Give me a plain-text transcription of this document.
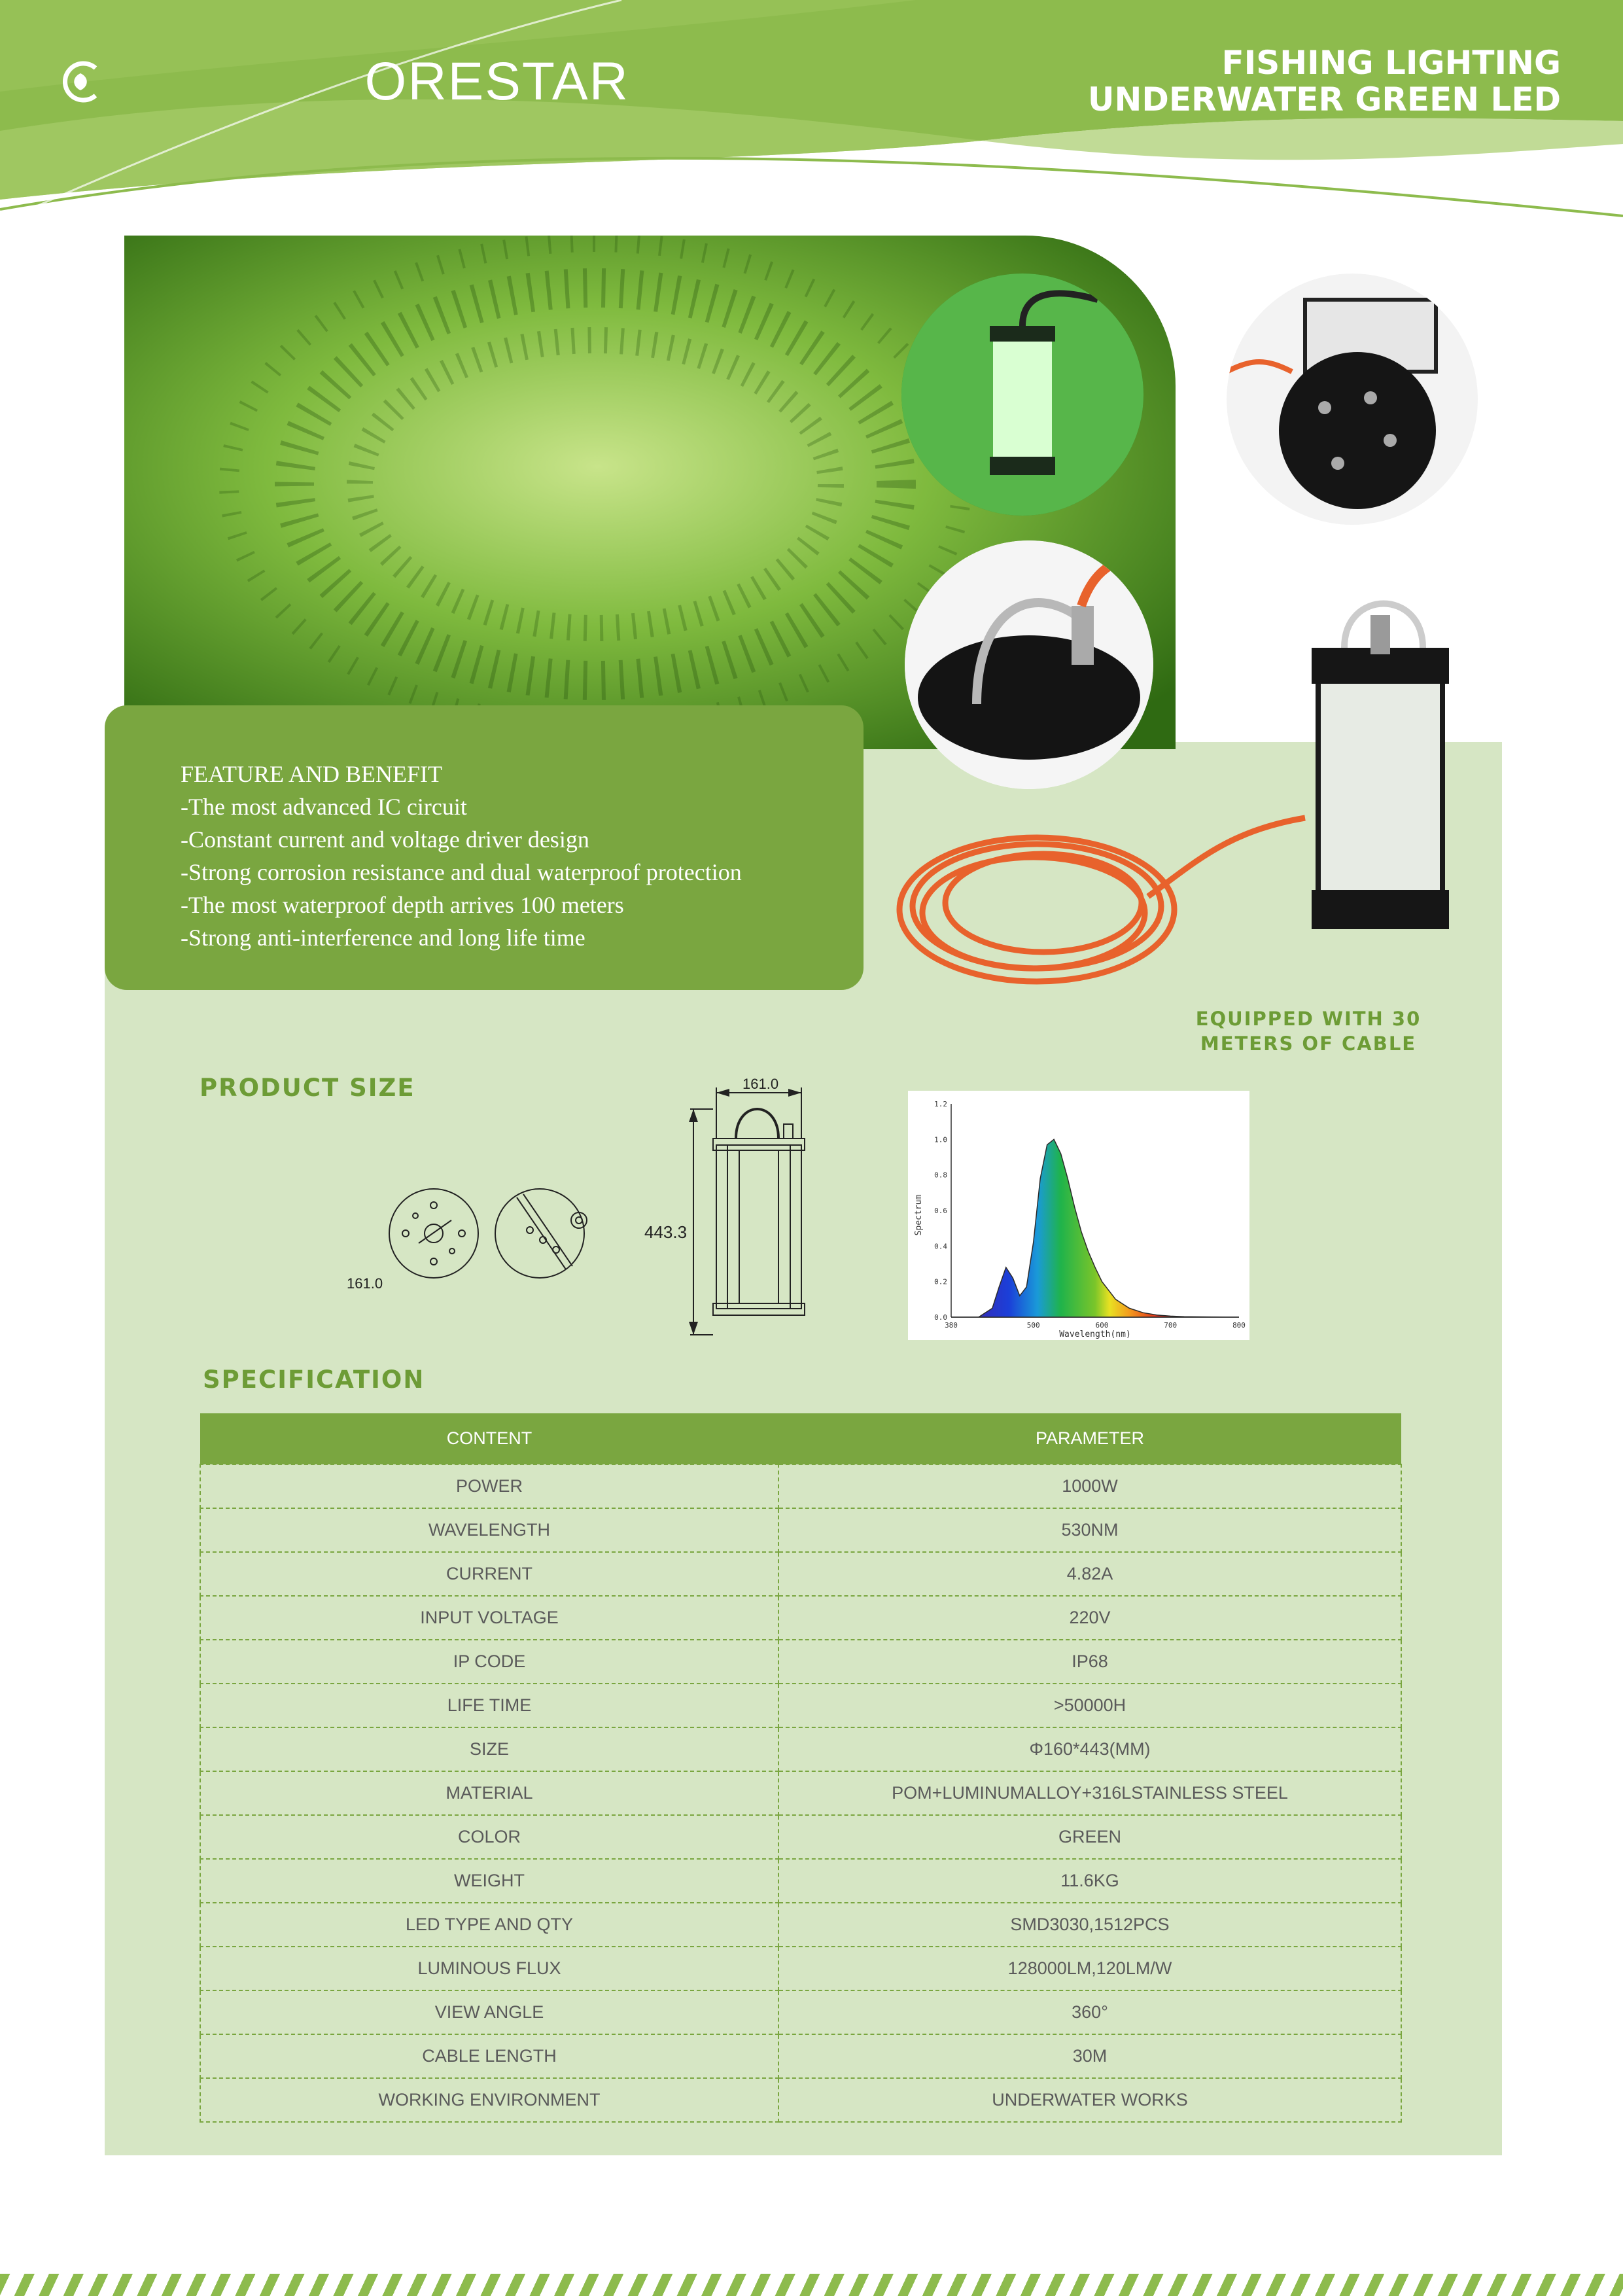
ORESTAR	FISHING LIGHTING
UNDERWATER GREEN LED
FEATURE AND BENEFIT
-The most advanced IC circuit
-Constant current and voltage driver design
-Strong corrosion resistance and dual waterproof protection
-The most waterproof depth arrives 100 meters
-Strong anti-interference and long life time
EQUIPPED WITH 30
METERS OF CABLE
PRODUCT SIZE
161.0
161.0
443.3
380	500	600	700	800
0.0
0.2
0.4
0.6
0.8
1.0
1.2
Wavelength(nm)
Spectrum
SPECIFICATION
CONTENT	PARAMETER
POWER	1000W
WAVELENGTH	530NM
CURRENT	4.82A
INPUT VOLTAGE	220V
IP CODE	IP68
LIFE TIME	>50000H
SIZE	Φ160*443(MM)
MATERIAL	POM+LUMINUMALLOY+316LSTAINLESS STEEL
COLOR	GREEN
WEIGHT	11.6KG
LED TYPE AND QTY	SMD3030,1512PCS
LUMINOUS FLUX	128000LM,120LM/W
VIEW ANGLE	360°
CABLE LENGTH	30M
WORKING ENVIRONMENT	UNDERWATER WORKS
